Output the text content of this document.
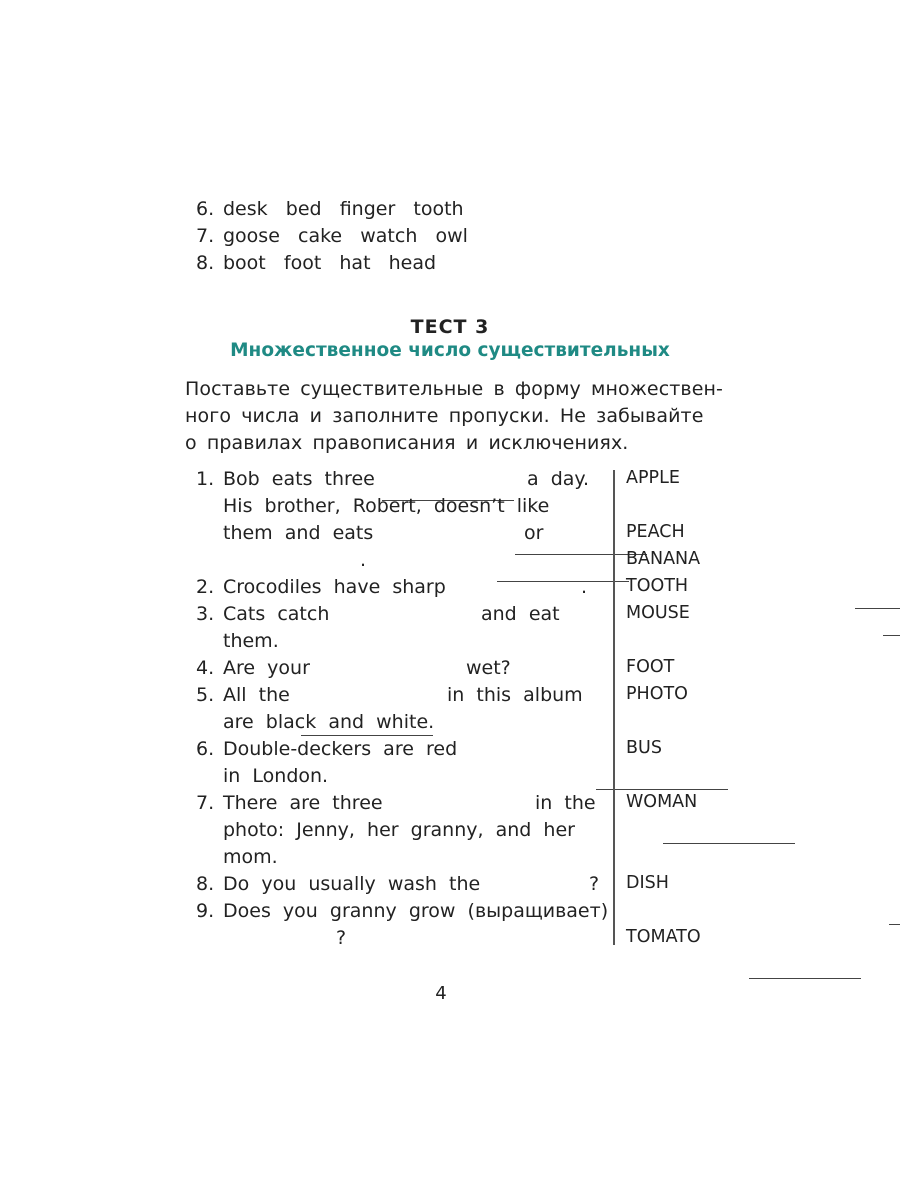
6. desk   bed   finger   tooth
7. goose   cake   watch   owl
8. boot   foot   hat   head
ТЕСТ 3
Множественное число существительных
Поставьте существительные в форму множествен-
ного числа и заполните пропуски. Не забывайте
о правилах правописания и исключениях.
1. Bob  eats  three
	a  day.
His  brother,  Robert,  doesn’t  like
them  and  eats
	or

.
2. Crocodiles  have  sharp
	.
3. Cats  catch
	and  eat
them.
4. Are  your
	wet?
5. All  the
	in  this  album
are  black  and  white.
6. Double-deckers  are  red

in  London.
7. There  are  three
	in  the
photo:  Jenny,  her  granny,  and  her
mom.
8. Do  you  usually  wash  the
	?
9. Does  you  granny  grow  (выращивает)
?
APPLE
PEACH
BANANA
TOOTH
MOUSE
FOOT
PHOTO
BUS
WOMAN
DISH
TOMATO
4
